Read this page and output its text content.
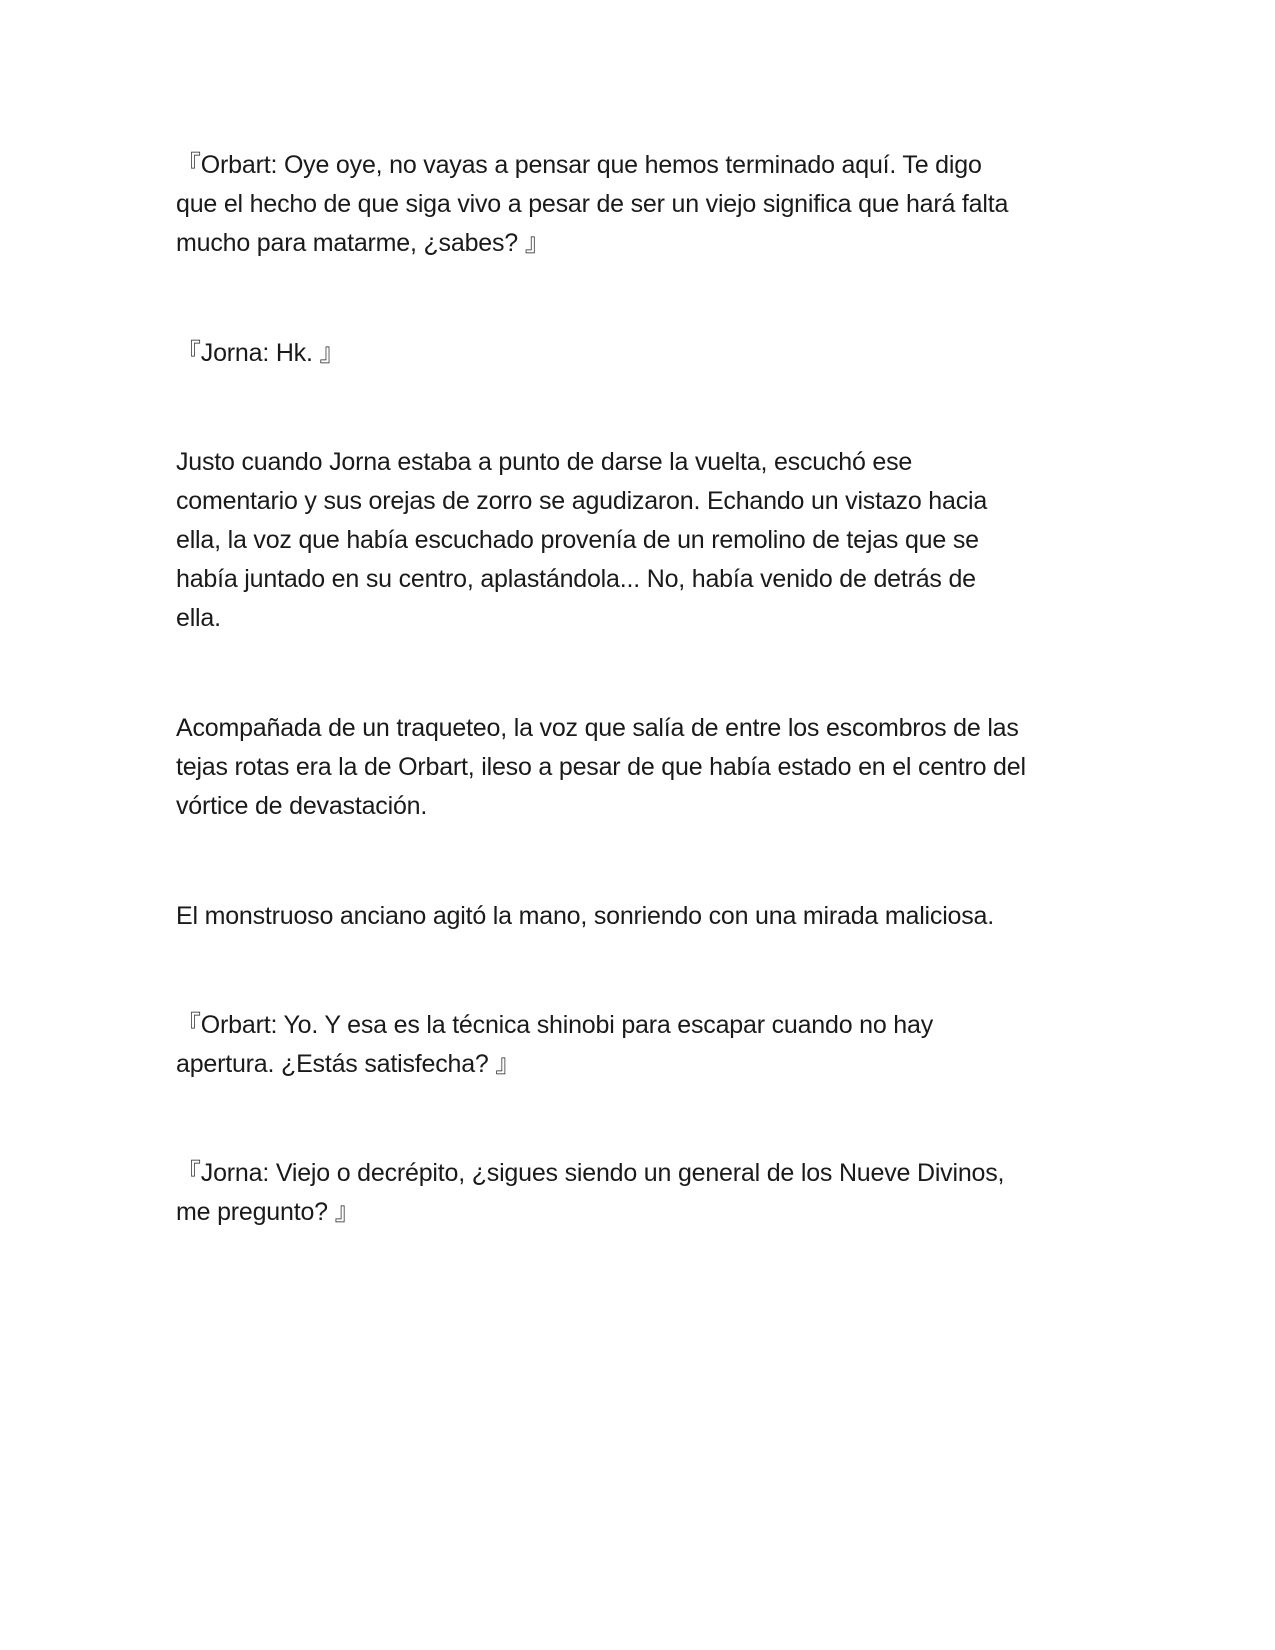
『Orbart: Oye oye, no vayas a pensar que hemos terminado aquí. Te digo
que el hecho de que siga vivo a pesar de ser un viejo significa que hará falta
mucho para matarme, ¿sabes? 』

『Jorna: Hk. 』

Justo cuando Jorna estaba a punto de darse la vuelta, escuchó ese
comentario y sus orejas de zorro se agudizaron. Echando un vistazo hacia
ella, la voz que había escuchado provenía de un remolino de tejas que se
había juntado en su centro, aplastándola... No, había venido de detrás de
ella.

Acompañada de un traqueteo, la voz que salía de entre los escombros de las
tejas rotas era la de Orbart, ileso a pesar de que había estado en el centro del
vórtice de devastación.

El monstruoso anciano agitó la mano, sonriendo con una mirada maliciosa.

『Orbart: Yo. Y esa es la técnica shinobi para escapar cuando no hay
apertura. ¿Estás satisfecha? 』

『Jorna: Viejo o decrépito, ¿sigues siendo un general de los Nueve Divinos,
me pregunto? 』
